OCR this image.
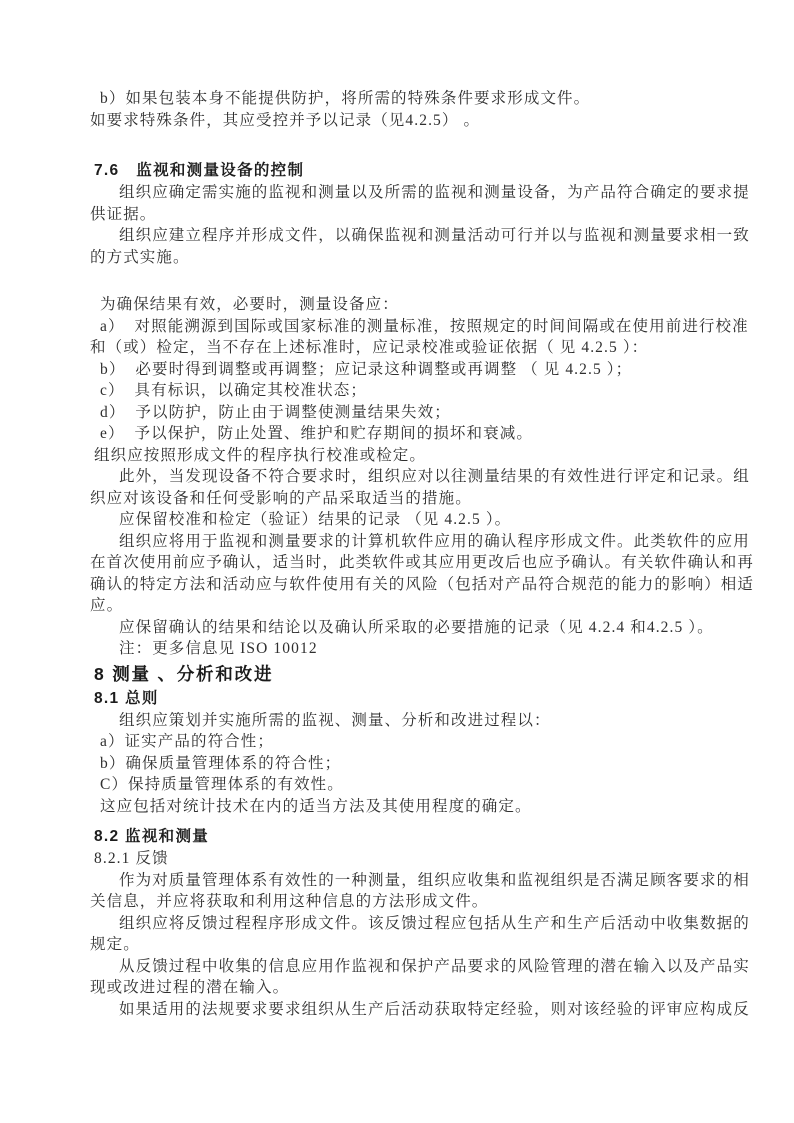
b）如果包装本身不能提供防护，将所需的特殊条件要求形成文件。
如要求特殊条件，其应受控并予以记录（见4.2.5） 。
7.6   监视和测量设备的控制
组织应确定需实施的监视和测量以及所需的监视和测量设备，为产品符合确定的要求提
供证据。
组织应建立程序并形成文件，以确保监视和测量活动可行并以与监视和测量要求相一致
的方式实施。
为确保结果有效，必要时，测量设备应：
a）  对照能溯源到国际或国家标准的测量标准，按照规定的时间间隔或在使用前进行校准
和（或）检定，当不存在上述标准时，应记录校准或验证依据（ 见 4.2.5 ）：
b）  必要时得到调整或再调整；应记录这种调整或再调整 （ 见 4.2.5 ）；
c）  具有标识，以确定其校准状态；
d）  予以防护，防止由于调整使测量结果失效；
e）  予以保护，防止处置、维护和贮存期间的损坏和衰减。
组织应按照形成文件的程序执行校准或检定。
此外，当发现设备不符合要求时，组织应对以往测量结果的有效性进行评定和记录。组
织应对该设备和任何受影响的产品采取适当的措施。
应保留校准和检定（验证）结果的记录 （见 4.2.5 ）。
组织应将用于监视和测量要求的计算机软件应用的确认程序形成文件。此类软件的应用
在首次使用前应予确认，适当时，此类软件或其应用更改后也应予确认。有关软件确认和再
确认的特定方法和活动应与软件使用有关的风险（包括对产品符合规范的能力的影响）相适
应。
应保留确认的结果和结论以及确认所采取的必要措施的记录（见 4.2.4 和4.2.5 ）。
注：更多信息见 ISO 10012
8 测量 、分析和改进
8.1 总则
组织应策划并实施所需的监视、测量、分析和改进过程以：
a）证实产品的符合性；
b）确保质量管理体系的符合性；
C）保持质量管理体系的有效性。
这应包括对统计技术在内的适当方法及其使用程度的确定。
8.2 监视和测量
8.2.1 反馈
作为对质量管理体系有效性的一种测量，组织应收集和监视组织是否满足顾客要求的相
关信息，并应将获取和利用这种信息的方法形成文件。
组织应将反馈过程程序形成文件。该反馈过程应包括从生产和生产后活动中收集数据的
规定。
从反馈过程中收集的信息应用作监视和保护产品要求的风险管理的潜在输入以及产品实
现或改进过程的潜在输入。
如果适用的法规要求要求组织从生产后活动获取特定经验，则对该经验的评审应构成反
